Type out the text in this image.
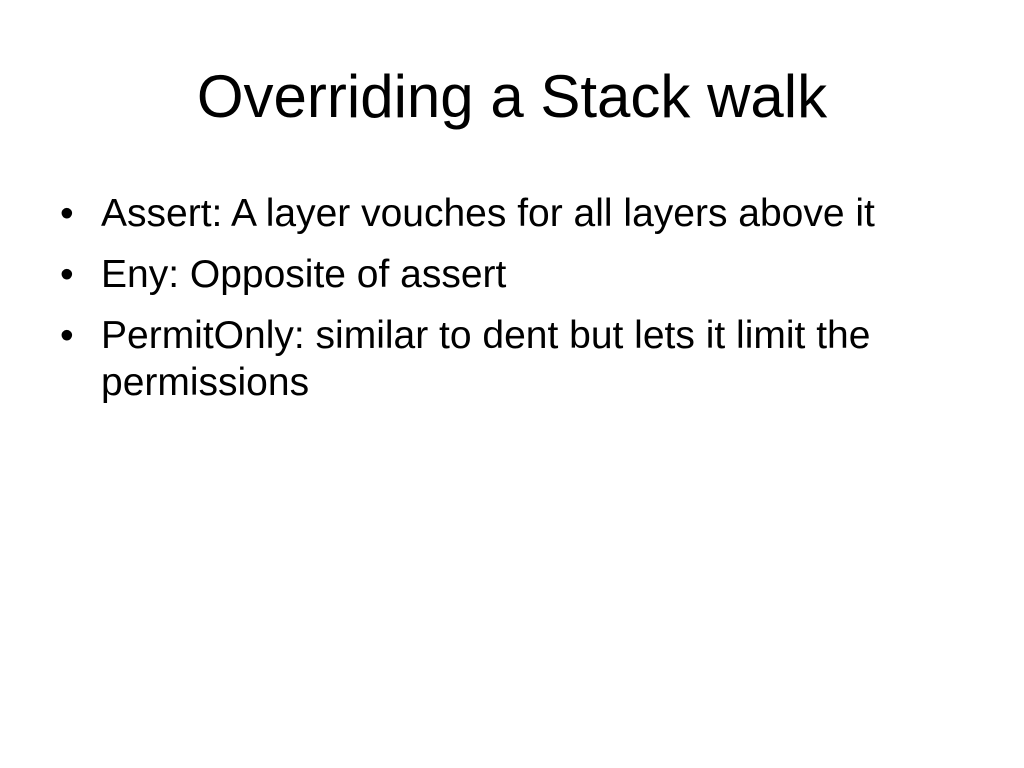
Overriding a Stack walk
• Assert: A layer vouches for all layers above it
• Eny: Opposite of assert
• PermitOnly: similar to dent but lets it limit the permissions
